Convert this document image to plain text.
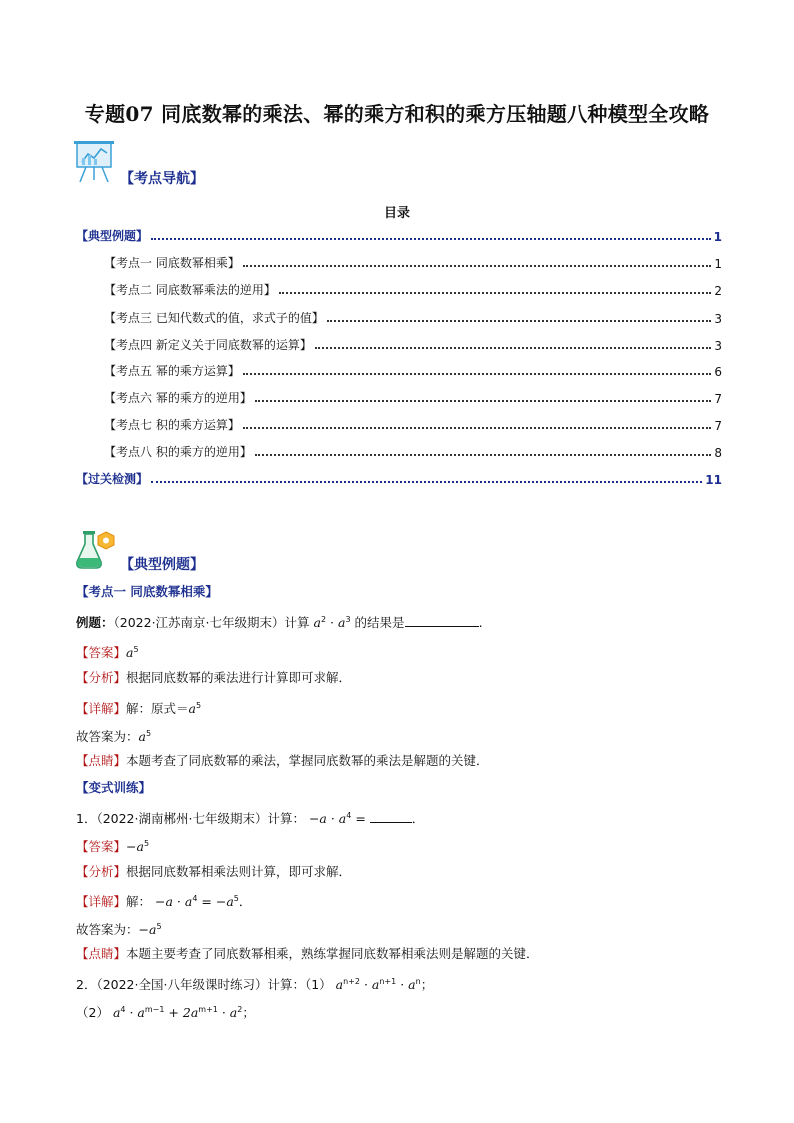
专题07 同底数幂的乘法、幂的乘方和积的乘方压轴题八种模型全攻略
【考点导航】
目录
【典型例题】	1
【考点一 同底数幂相乘】	1
【考点二 同底数幂乘法的逆用】	2
【考点三 已知代数式的值，求式子的值】	3
【考点四 新定义关于同底数幂的运算】	3
【考点五 幂的乘方运算】	6
【考点六 幂的乘方的逆用】	7
【考点七 积的乘方运算】	7
【考点八 积的乘方的逆用】	8
【过关检测】	11
【典型例题】
【考点一 同底数幂相乘】
例题：（2022·江苏南京·七年级期末）计算 $a^2 \cdot a^3$ 的结果是	.
【答案】$a^5$
【分析】根据同底数幂的乘法进行计算即可求解．
【详解】解：原式$=a^5$
故答案为：$a^5$
【点睛】本题考查了同底数幂的乘法，掌握同底数幂的乘法是解题的关键．
【变式训练】
1．（2022·湖南郴州·七年级期末）计算： $-a \cdot a^4$ =	．
【答案】$-a^5$
【分析】根据同底数幂相乘法则计算，即可求解．
【详解】解： $-a \cdot a^4 = -a^5$．
故答案为：$-a^5$
【点睛】本题主要考查了同底数幂相乘，熟练掌握同底数幂相乘法则是解题的关键．
2．（2022·全国·八年级课时练习）计算：（1） $a^{n+2} \cdot a^{n+1} \cdot a^n$；
（2） $a^4 \cdot a^{m-1} + 2a^{m+1} \cdot a^2$；
